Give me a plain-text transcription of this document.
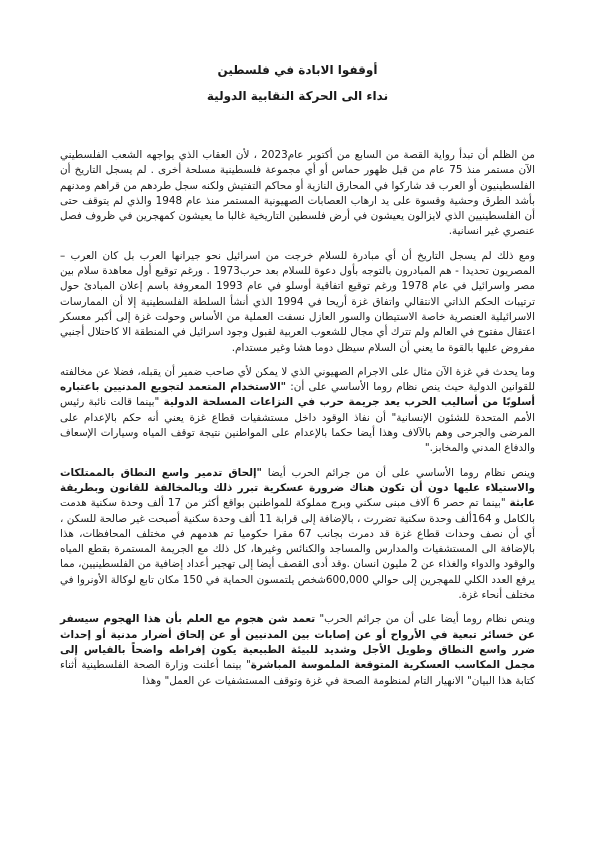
أوقفوا الابادة في فلسطين
نداء الى الحركة النقابية الدولية

من الظلم أن تبدأ رواية القصة من السابع من أكتوبر عام2023 ، لأن العقاب الذي يواجهه الشعب الفلسطيني الآن مستمر منذ 75 عام من قبل ظهور حماس أو أي مجموعة فلسطينية مسلحة أخرى . لم يسجل التاريخ أن الفلسطينيون أو العرب قد شاركوا في المحارق النازية أو محاكم التفتيش ولكنه سجل طردهم من قراهم ومدنهم بأشد الطرق وحشية وقسوة على يد ارهاب العصابات الصهيونية المستمر منذ عام 1948 والذي لم يتوقف حتى أن الفلسطينيين الذي لايزالون يعيشون في أرض فلسطين التاريخية غالبا ما يعيشون كمهجرين في ظروف فصل عنصري غير انسانية.

ومع ذلك لم يسجل التاريخ أن أي مبادرة للسلام خرجت من اسرائيل نحو جيرانها العرب بل كان العرب – المصريون تحديدا - هم المبادرون بالتوجه بأول دعوة للسلام بعد حرب1973 . ورغم توقيع أول معاهدة سلام بين مصر واسرائيل في عام 1978 ورغم توقيع اتفاقية أوسلو في عام 1993 المعروفة باسم إعلان المبادئ حول ترتيبات الحكم الذاتي الانتقالي واتفاق غزة أريحا في 1994 الذي أنشأ السلطة الفلسطينية إلا أن الممارسات الاسرائيلية العنصرية خاصة الاستيطان والسور العازل نسفت العملية من الأساس وحولت غزة إلى أكبر معسكر اعتقال مفتوح في العالم ولم تترك أي مجال للشعوب العربية لقبول وجود اسرائيل في المنطقة الا كاحتلال أجنبي مفروض عليها بالقوة ما يعني أن السلام سيظل دوما هشا وغير مستدام.

وما يحدث في غزة الآن مثال على الاجرام الصهيوني الذي لا يمكن لأي صاحب ضمير أن يقبله، فضلا عن مخالفته للقوانين الدولية حيث ينص نظام روما الأساسي على أن: "الاستخدام المتعمد لتجويع المدنيين باعتباره أسلوبًا من أساليب الحرب يعد جريمة حرب في النزاعات المسلحة الدولية "بينما قالت نائبة رئيس الأمم المتحدة للشئون الإنسانية" أن نفاذ الوقود داخل مستشفيات قطاع غزة يعني أنه حكم بالإعدام على المرضى والجرحى وهم بالآلاف وهذا أيضا حكما بالإعدام على المواطنين نتيجة توقف المياه وسيارات الإسعاف والدفاع المدني والمخابز."

وينص نظام روما الأساسي على أن من جرائم الحرب أيضا "إلحاق تدمير واسع النطاق بالممتلكات والاستيلاء عليها دون أن تكون هناك ضرورة عسكرية تبرر ذلك وبالمخالفة للقانون وبطريقة عابثة "بينما تم حصر 6 آلاف مبنى سكني وبرج مملوكة للمواطنين بواقع أكثر من 17 ألف وحدة سكنية هدمت بالكامل و 164ألف وحدة سكنية تضررت ، بالإضافة إلى قرابة 11 ألف وحدة سكنية أصبحت غير صالحة للسكن ، أي أن نصف وحدات قطاع غزة قد دمرت بجانب 67 مقرا حكوميا تم هدمهم في مختلف المحافظات، هذا بالإضافة الى المستشفيات والمدارس والمساجد والكنائس وغيرها، كل ذلك مع الجريمة المستمرة بقطع المياه والوقود والدواء والغذاء عن 2 مليون انسان .وقد أدى القصف أيضا إلى تهجير أعداد إضافية من الفلسطينيين، مما يرفع العدد الكلي للمهجرين إلى حوالي 600,000شخص يلتمسون الحماية في 150 مكان تابع لوكالة الأونروا في مختلف أنحاء غزة.

وينص نظام روما أيضا على أن من جرائم الحرب" تعمد شن هجوم مع العلم بأن هذا الهجوم سيسفر عن خسائر تبعية في الأرواح أو عن إصابات بين المدنيين أو عن إلحاق أضرار مدنية أو إحداث ضرر واسع النطاق وطويل الأجل وشديد للبيئة الطبيعية يكون إفراطه واضحاً بالقياس إلى مجمل المكاسب العسكرية المتوقعة الملموسة المباشرة" بينما أعلنت وزارة الصحة الفلسطينية أثناء كتابة هذا البيان" الانهيار التام لمنظومة الصحة في غزة وتوقف المستشفيات عن العمل" وهذا
